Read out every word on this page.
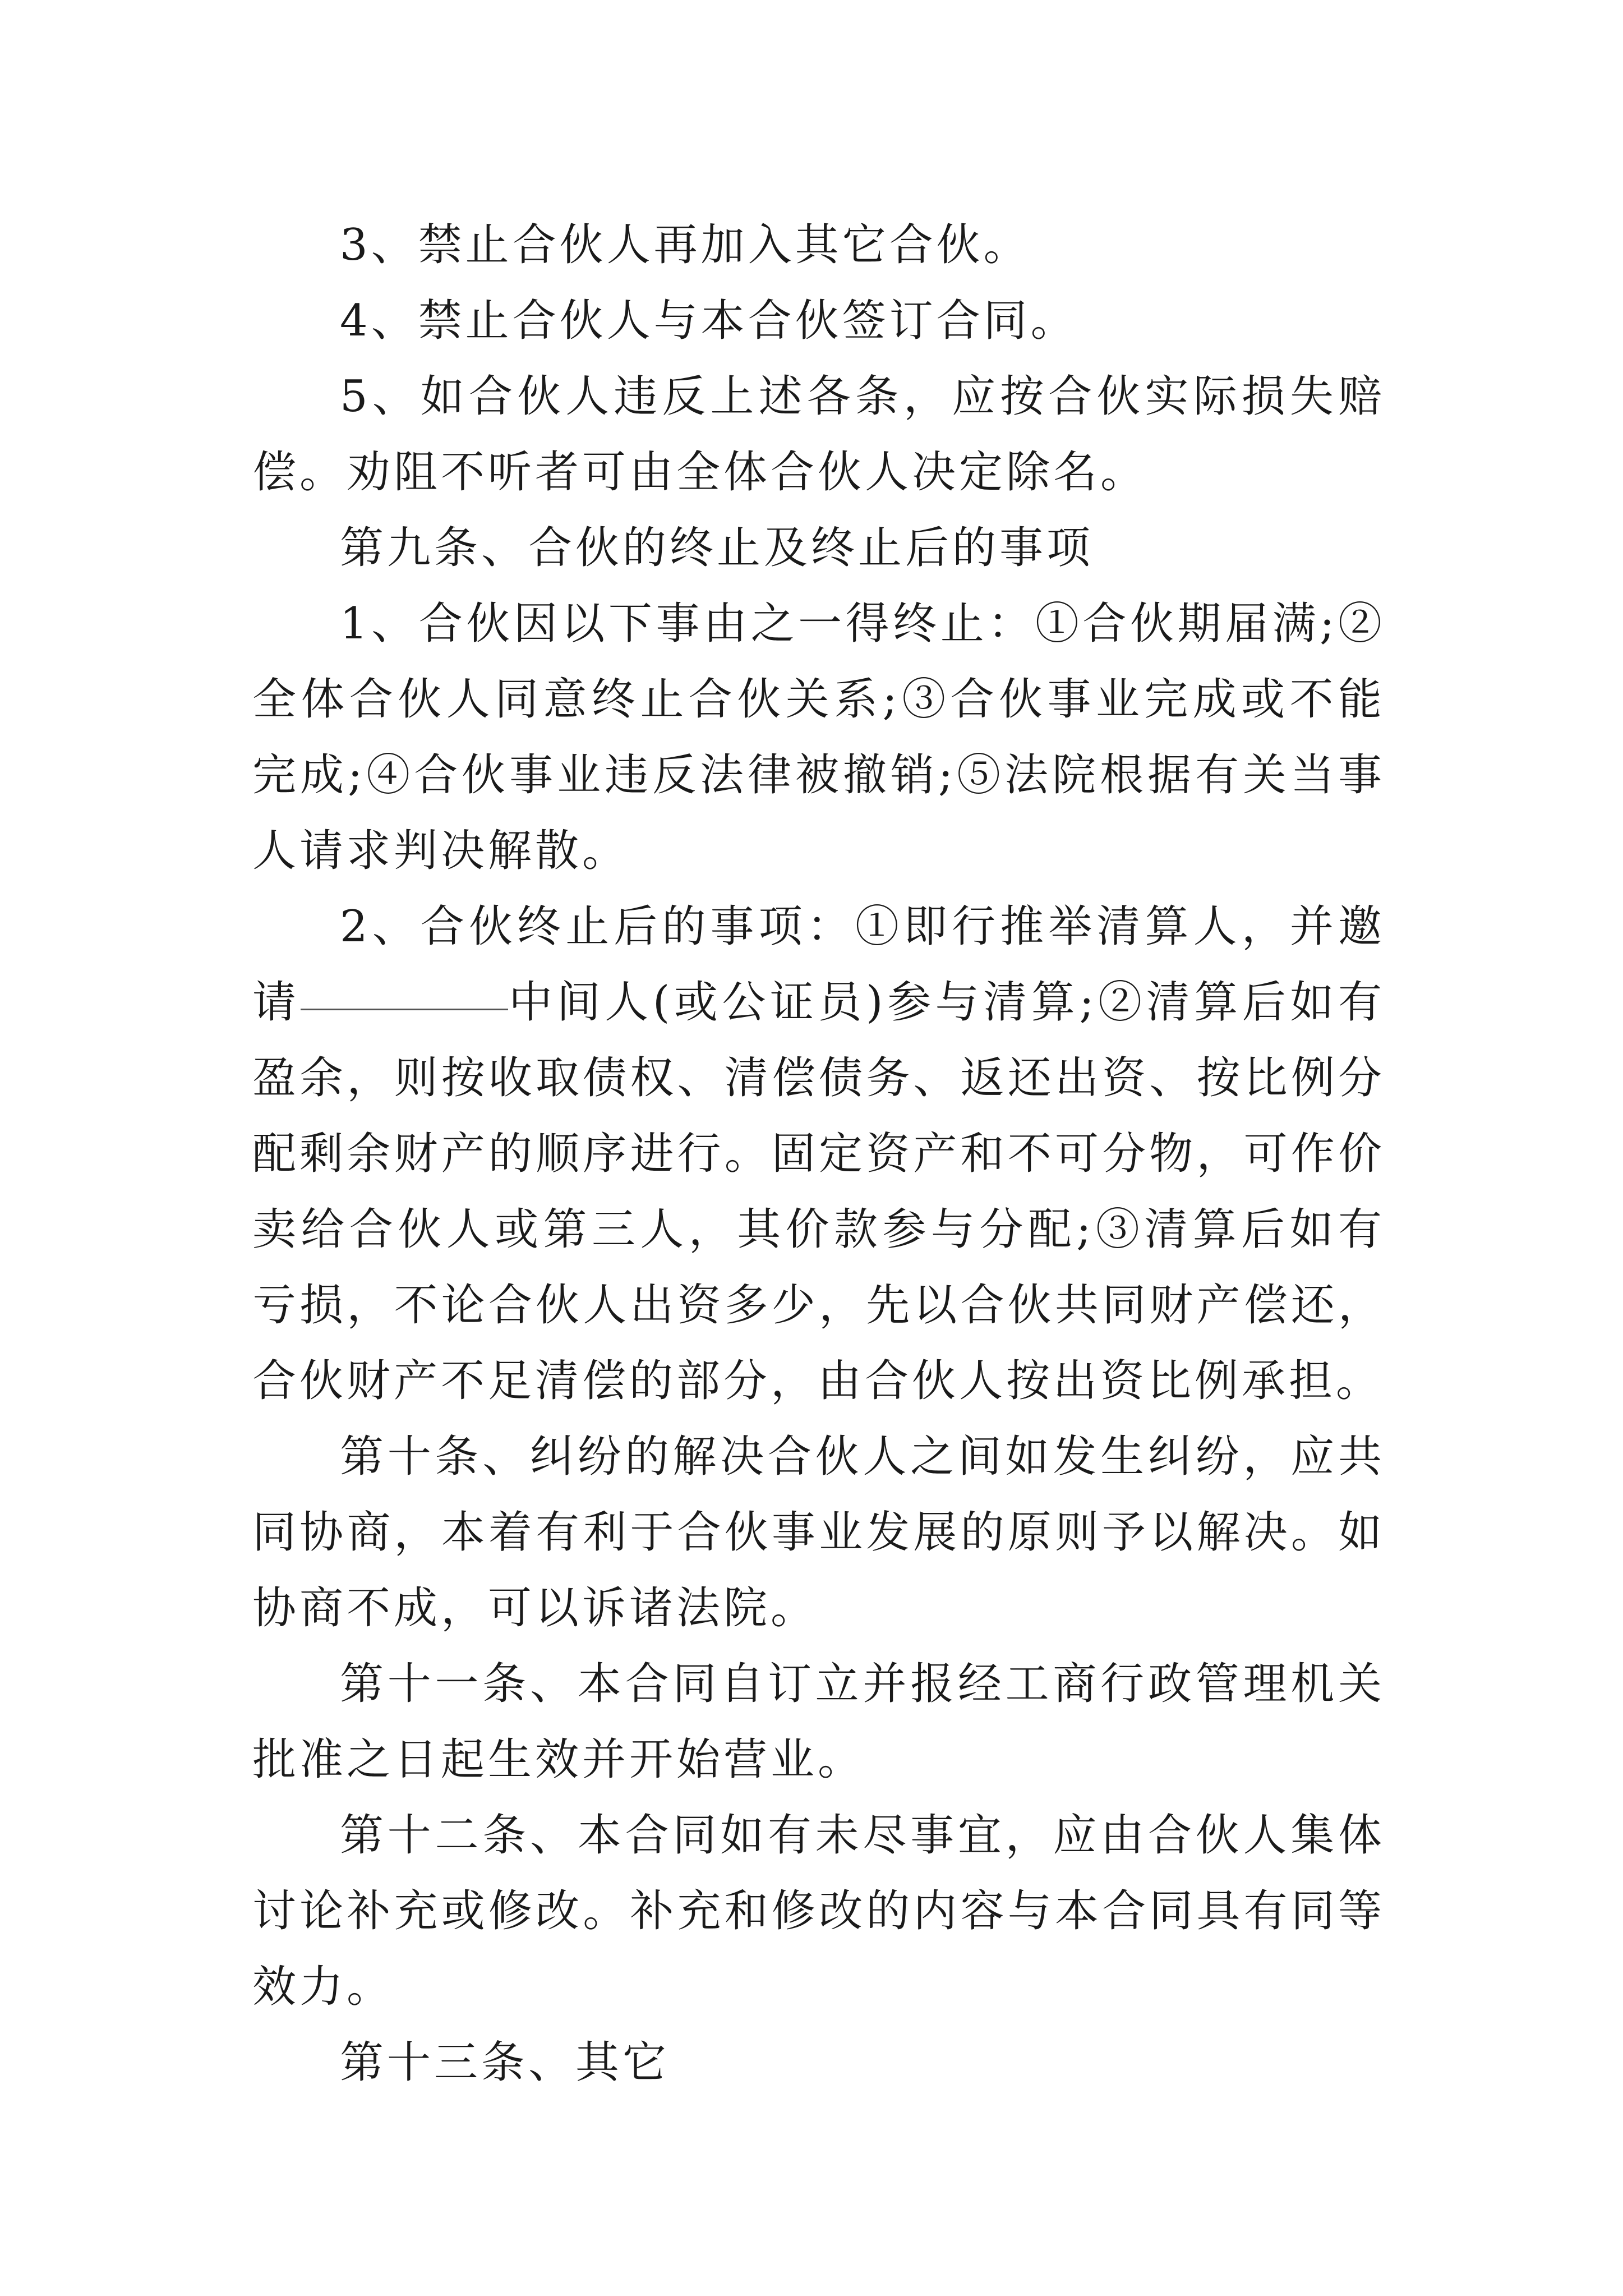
3、禁止合伙人再加入其它合伙。

4、禁止合伙人与本合伙签订合同。

5、如合伙人违反上述各条，应按合伙实际损失赔偿。劝阻不听者可由全体合伙人决定除名。

第九条、合伙的终止及终止后的事项

1、合伙因以下事由之一得终止：①合伙期届满;②全体合伙人同意终止合伙关系;③合伙事业完成或不能完成;④合伙事业违反法律被撤销;⑤法院根据有关当事人请求判决解散。

2、合伙终止后的事项：①即行推举清算人，并邀请	中间人(或公证员)参与清算;②清算后如有盈余，则按收取债权、清偿债务、返还出资、按比例分配剩余财产的顺序进行。固定资产和不可分物，可作价卖给合伙人或第三人，其价款参与分配;③清算后如有亏损，不论合伙人出资多少，先以合伙共同财产偿还，合伙财产不足清偿的部分，由合伙人按出资比例承担。

第十条、纠纷的解决合伙人之间如发生纠纷，应共同协商，本着有利于合伙事业发展的原则予以解决。如协商不成，可以诉诸法院。

第十一条、本合同自订立并报经工商行政管理机关批准之日起生效并开始营业。

第十二条、本合同如有未尽事宜，应由合伙人集体讨论补充或修改。补充和修改的内容与本合同具有同等效力。

第十三条、其它
